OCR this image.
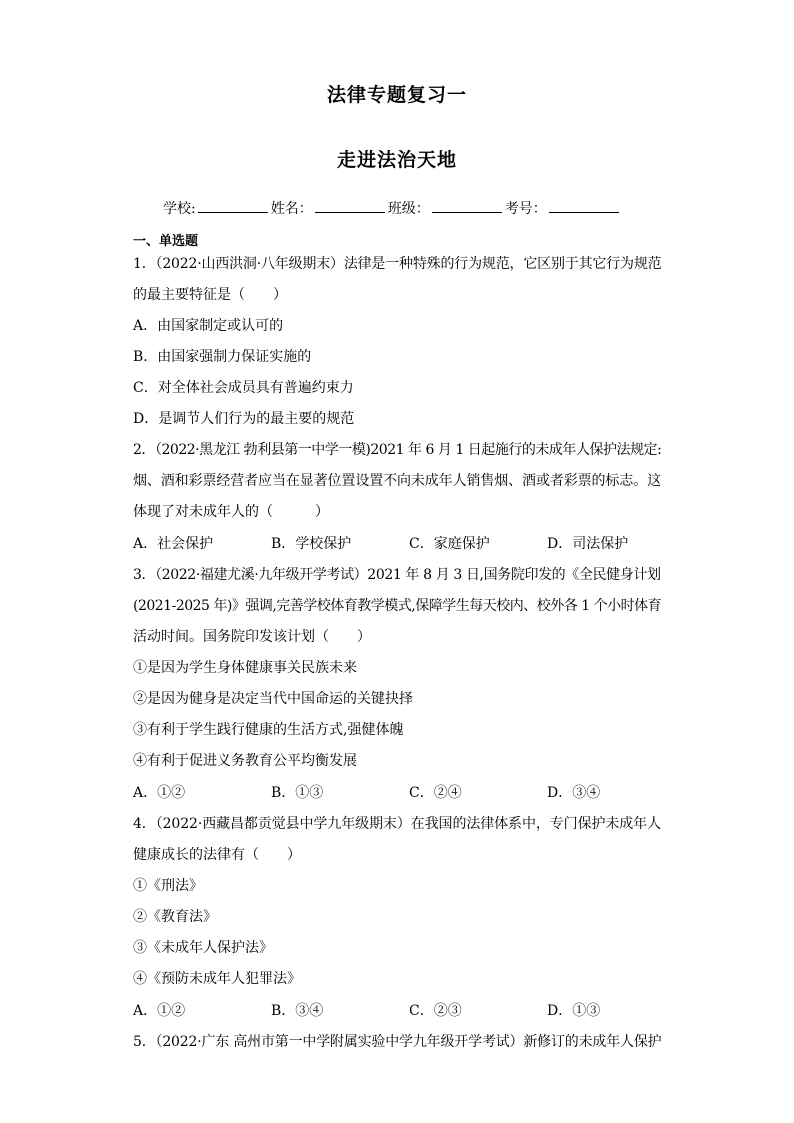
法律专题复习一
走进法治天地
学校:	姓名：	班级：	考号：
一、单选题
1．（2022·山西洪洞·八年级期末）法律是一种特殊的行为规范，它区别于其它行为规范
的最主要特征是（　　）
A．由国家制定或认可的
B．由国家强制力保证实施的
C．对全体社会成员具有普遍约束力
D．是调节人们行为的最主要的规范
2．（2022·黑龙江 勃利县第一中学一模)2021 年 6 月 1 日起施行的未成年人保护法规定:
烟、酒和彩票经营者应当在显著位置设置不向未成年人销售烟、酒或者彩票的标志。这
体现了对未成年人的（　　　）
A．社会保护	B．学校保护	C．家庭保护	D．司法保护
3．（2022·福建尤溪·九年级开学考试）2021 年 8 月 3 日,国务院印发的《全民健身计划
(2021-2025 年)》强调,完善学校体育教学模式,保障学生每天校内、校外各 1 个小时体育
活动时间。国务院印发该计划（　　）
①是因为学生身体健康事关民族未来
②是因为健身是决定当代中国命运的关键抉择
③有利于学生践行健康的生活方式,强健体魄
④有利于促进义务教育公平均衡发展
A．①②	B．①③	C．②④	D．③④
4．（2022·西藏昌都贡觉县中学九年级期末）在我国的法律体系中，专门保护未成年人
健康成长的法律有（　　）
①《刑法》
②《教育法》
③《未成年人保护法》
④《预防未成年人犯罪法》
A．①②	B．③④	C．②③	D．①③
5．（2022·广东 高州市第一中学附属实验中学九年级开学考试）新修订的未成年人保护
